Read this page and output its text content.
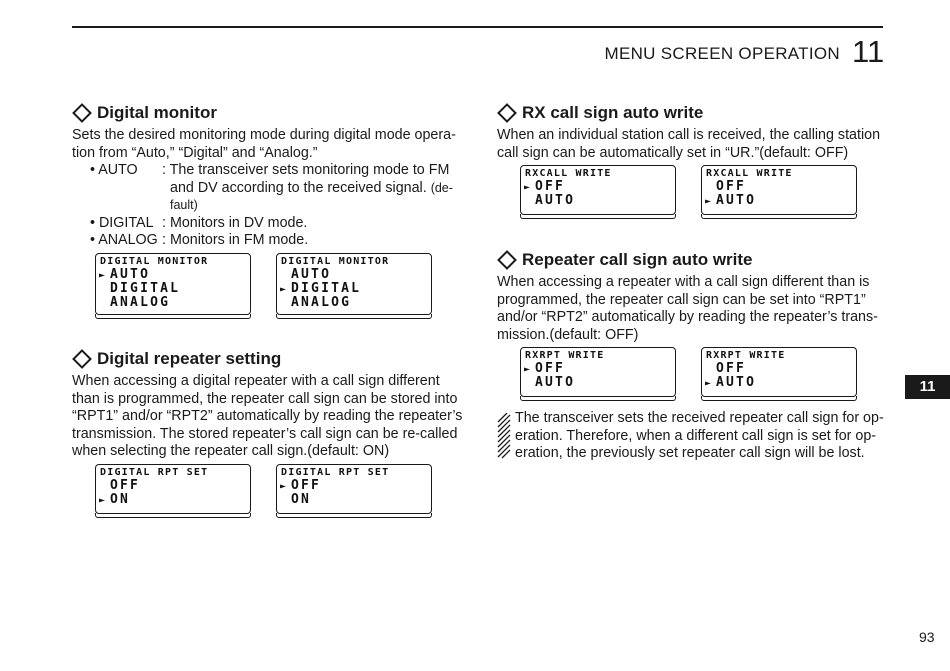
MENU SCREEN OPERATION 11
Digital monitor
Sets the desired monitoring mode during digital mode opera-
tion from “Auto,” “Digital” and “Analog.”
• AUTO : The transceiver sets monitoring mode to FM
and DV according to the received signal. (de-
fault)
• DIGITAL : Monitors in DV mode.
• ANALOG : Monitors in FM mode.
DIGITAL MONITOR
► AUTO
DIGITAL
ANALOG
DIGITAL MONITOR
AUTO
► DIGITAL
ANALOG
Digital repeater setting
When accessing a digital repeater with a call sign different
than is programmed, the repeater call sign can be stored into
“RPT1” and/or “RPT2” automatically by reading the repeater’s
transmission. The stored repeater’s call sign can be re-called
when selecting the repeater call sign.(default: ON)
DIGITAL RPT SET
OFF
► ON
DIGITAL RPT SET
► OFF
ON
RX call sign auto write
When an individual station call is received, the calling station
call sign can be automatically set in “UR.”(default: OFF)
RXCALL WRITE
► OFF
AUTO
RXCALL WRITE
OFF
► AUTO
Repeater call sign auto write
When accessing a repeater with a call sign different than is
programmed, the repeater call sign can be set into “RPT1”
and/or “RPT2” automatically by reading the repeater’s trans-
mission.(default: OFF)
RXRPT WRITE
► OFF
AUTO
RXRPT WRITE
OFF
► AUTO
The transceiver sets the received repeater call sign for op-
eration. Therefore, when a different call sign is set for op-
eration, the previously set repeater call sign will be lost.
11
93
